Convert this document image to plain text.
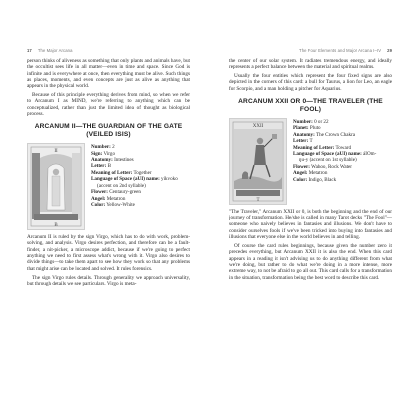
17 The Major Arcana

person thinks of aliveness as something that only plants and animals have, but the occultist sees life in all matter—even in time and space. Since God is infinite and is everywhere at once, then everything must be alive. Such things as places, moments, and even concepts are just as alive as anything that appears in the physical world.

Because of this principle everything derives from mind, so when we refer to Arcanum I as MIND, we're referring to anything which can be conceptualized, rather than just the limited idea of thought as biological process.

ARCANUM II—THE GUARDIAN OF THE GATE (VEILED ISIS)
II
B
Number: 2
Sign: Virgo
Anatomy: Intestines
Letter: B
Meaning of Letter: Together
Language of Space (aUI) name: yikvoko
(accent on 2nd syllable)
Flower: Centaury-green
Angel: Metatron
Color: Yellow-White

Arcanum II is ruled by the sign Virgo, which has to do with work, problem-solving, and analysis. Virgo desires perfection, and therefore can be a fault-finder, a nit-picker, a microscope addict, because if we're going to perfect anything we need to first assess what's wrong with it. Virgo also desires to divide things—to take them apart to see how they work so that any problems that might arise can be located and solved. It rules forensics.

The sign Virgo rules details. Through generality we approach universality, but through details we see particulars. Virgo is meta-

The Four Elements and Major Arcana I–IV 29

the center of our solar system. It radiates tremendous energy, and ideally represents a perfect balance between the material and spiritual realms.

Usually the four entities which represent the four fixed signs are also depicted in the corners of this card: a bull for Taurus, a lion for Leo, an eagle for Scorpio, and a man holding a pitcher for Aquarius.

ARCANUM XXII OR 0—THE TRAVELER (THE FOOL)
XXII
T
Number: 0 or 22
Planet: Pluto
Anatomy: The Crown Chakra
Letter: T
Meaning of Letter: Toward
Language of Space (aUI) name: áIOm-
ŋu-y (accent on 1st syllable)
Flower: Wahoo, Rock Water
Angel: Metatron
Color: Indigo, Black

"The Traveler," Arcanum XXII or 0, is both the beginning and the end of our journey of transformation. He/she is called in many Tarot decks "The Fool"—someone who naively believes in fantasies and illusions. We don't have to consider ourselves fools if we've been tricked into buying into fantasies and illusions that everyone else in the world believes in and telling.

Of course the card rules beginnings, because given the number zero it precedes everything, but Arcanum XXII it is also the end. When this card appears in a reading it isn't advising us to do anything different from what we're doing, but rather to do what we're doing in a more intense, more extreme way, to not be afraid to go all out. This card calls for a transformation in the situation, transformation being the best word to describe this card.
